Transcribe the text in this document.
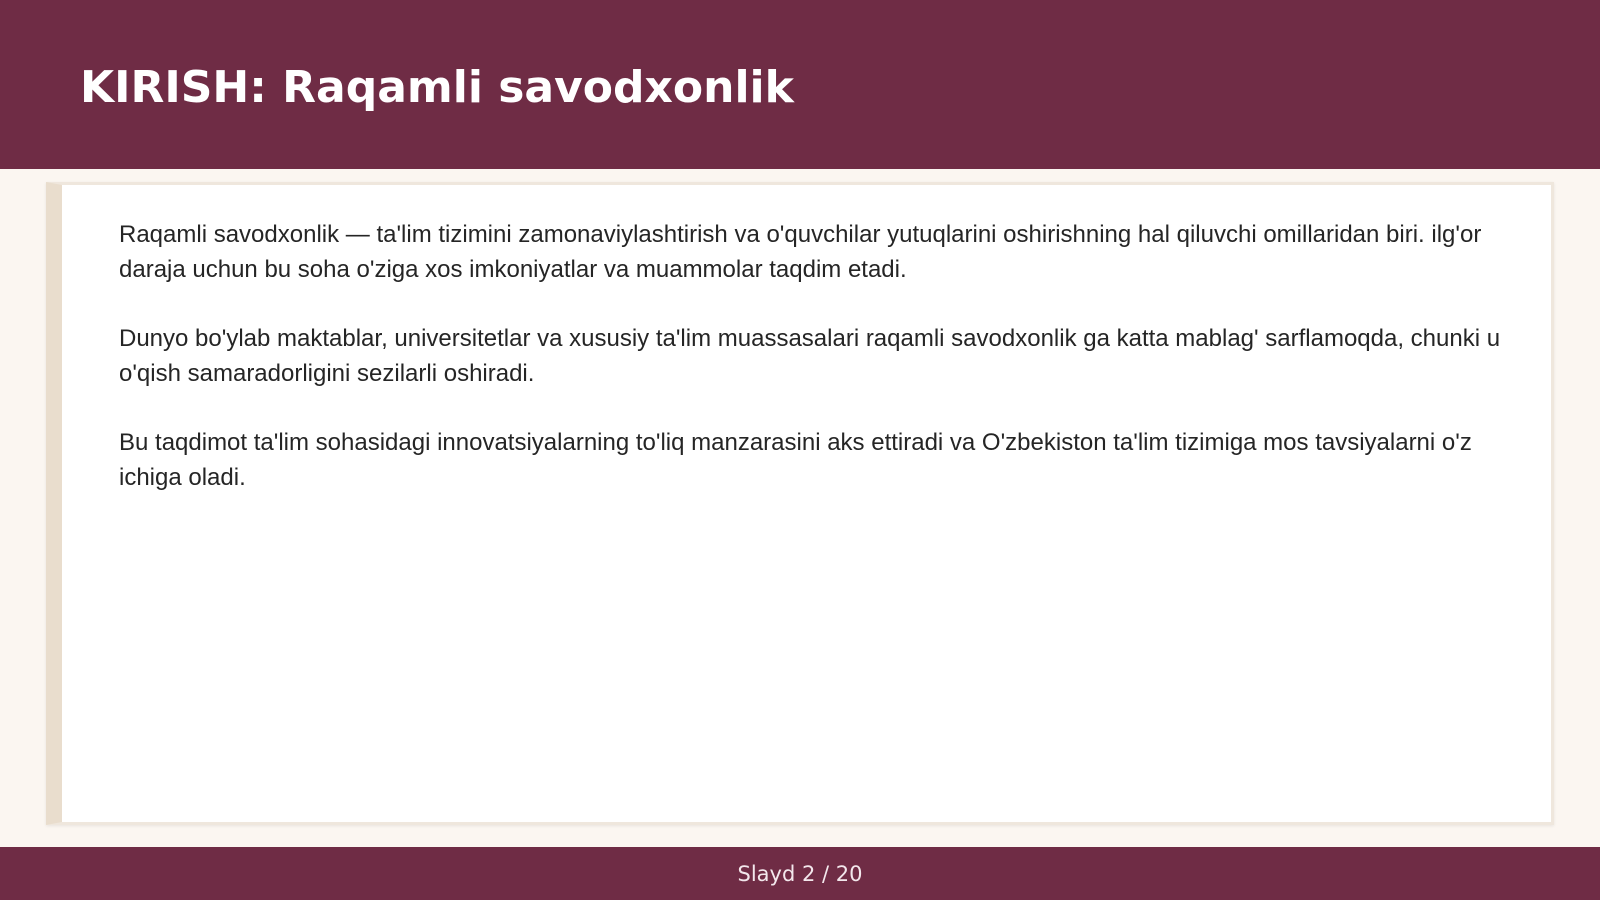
KIRISH: Raqamli savodxonlik

Raqamli savodxonlik — ta'lim tizimini zamonaviylashtirish va o'quvchilar yutuqlarini oshirishning hal qiluvchi omillaridan biri. ilg'or daraja uchun bu soha o'ziga xos imkoniyatlar va muammolar taqdim etadi.

Dunyo bo'ylab maktablar, universitetlar va xususiy ta'lim muassasalari raqamli savodxonlik ga katta mablag' sarflamoqda, chunki u o'qish samaradorligini sezilarli oshiradi.

Bu taqdimot ta'lim sohasidagi innovatsiyalarning to'liq manzarasini aks ettiradi va O'zbekiston ta'lim tizimiga mos tavsiyalarni o'z ichiga oladi.

Slayd 2 / 20
